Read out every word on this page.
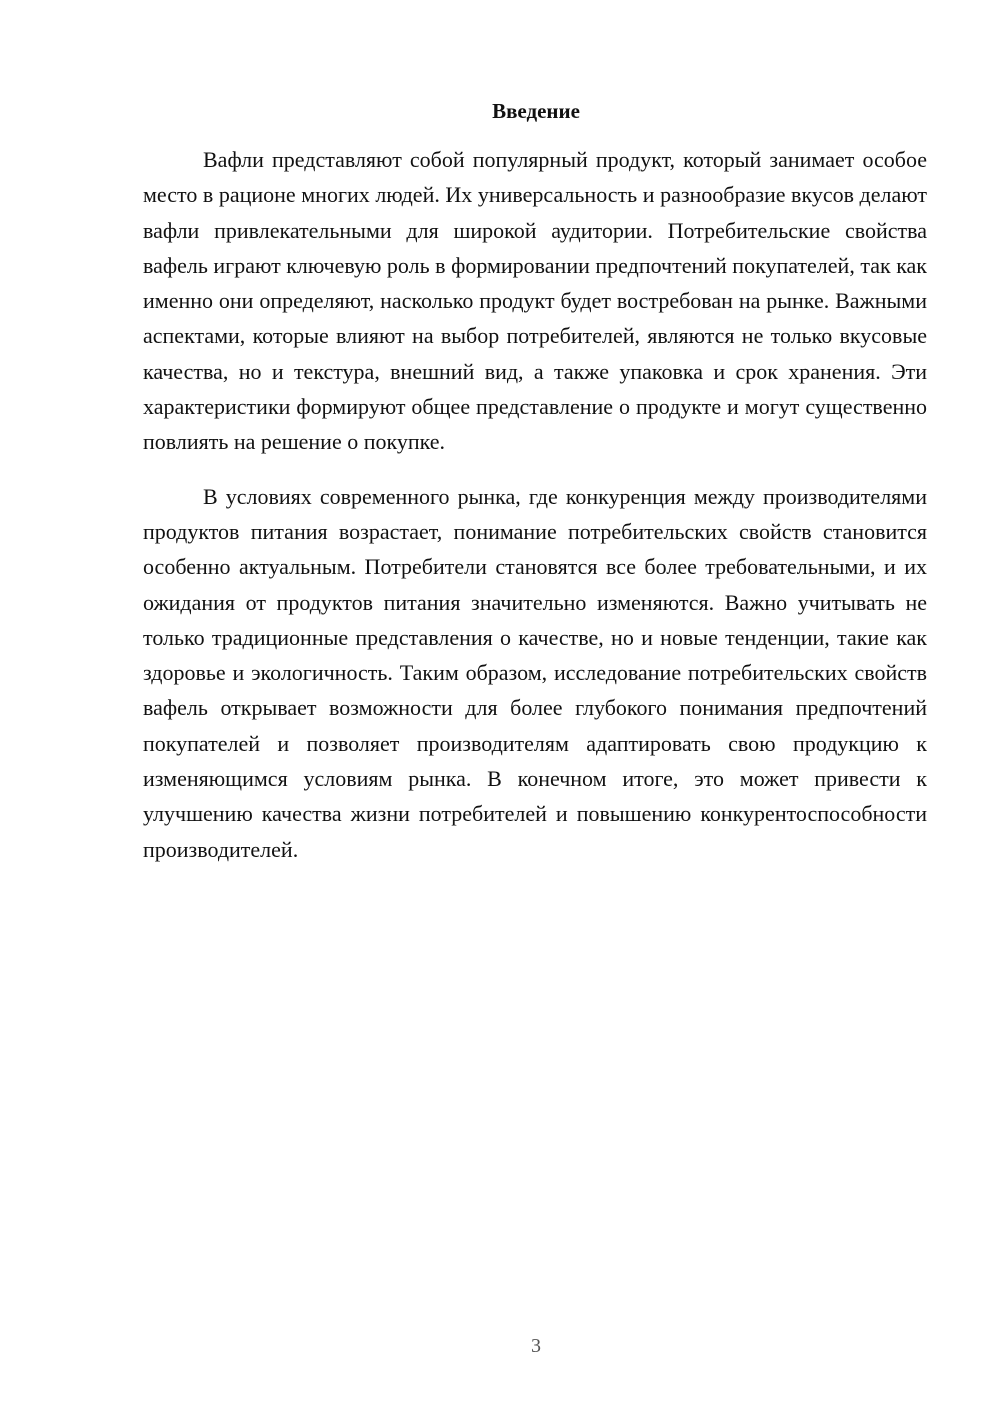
Введение

Вафли представляют собой популярный продукт, который занимает особое место в рационе многих людей. Их универсальность и разнообразие вкусов делают вафли привлекательными для широкой аудитории. Потребительские свойства вафель играют ключевую роль в формировании предпочтений покупателей, так как именно они определяют, насколько продукт будет востребован на рынке. Важными аспектами, которые влияют на выбор потребителей, являются не только вкусовые качества, но и текстура, внешний вид, а также упаковка и срок хранения. Эти характеристики формируют общее представление о продукте и могут существенно повлиять на решение о покупке.

В условиях современного рынка, где конкуренция между производителями продуктов питания возрастает, понимание потребительских свойств становится особенно актуальным. Потребители становятся все более требовательными, и их ожидания от продуктов питания значительно изменяются. Важно учитывать не только традиционные представления о качестве, но и новые тенденции, такие как здоровье и экологичность. Таким образом, исследование потребительских свойств вафель открывает возможности для более глубокого понимания предпочтений покупателей и позволяет производителям адаптировать свою продукцию к изменяющимся условиям рынка. В конечном итоге, это может привести к улучшению качества жизни потребителей и повышению конкурентоспособности производителей.

3
